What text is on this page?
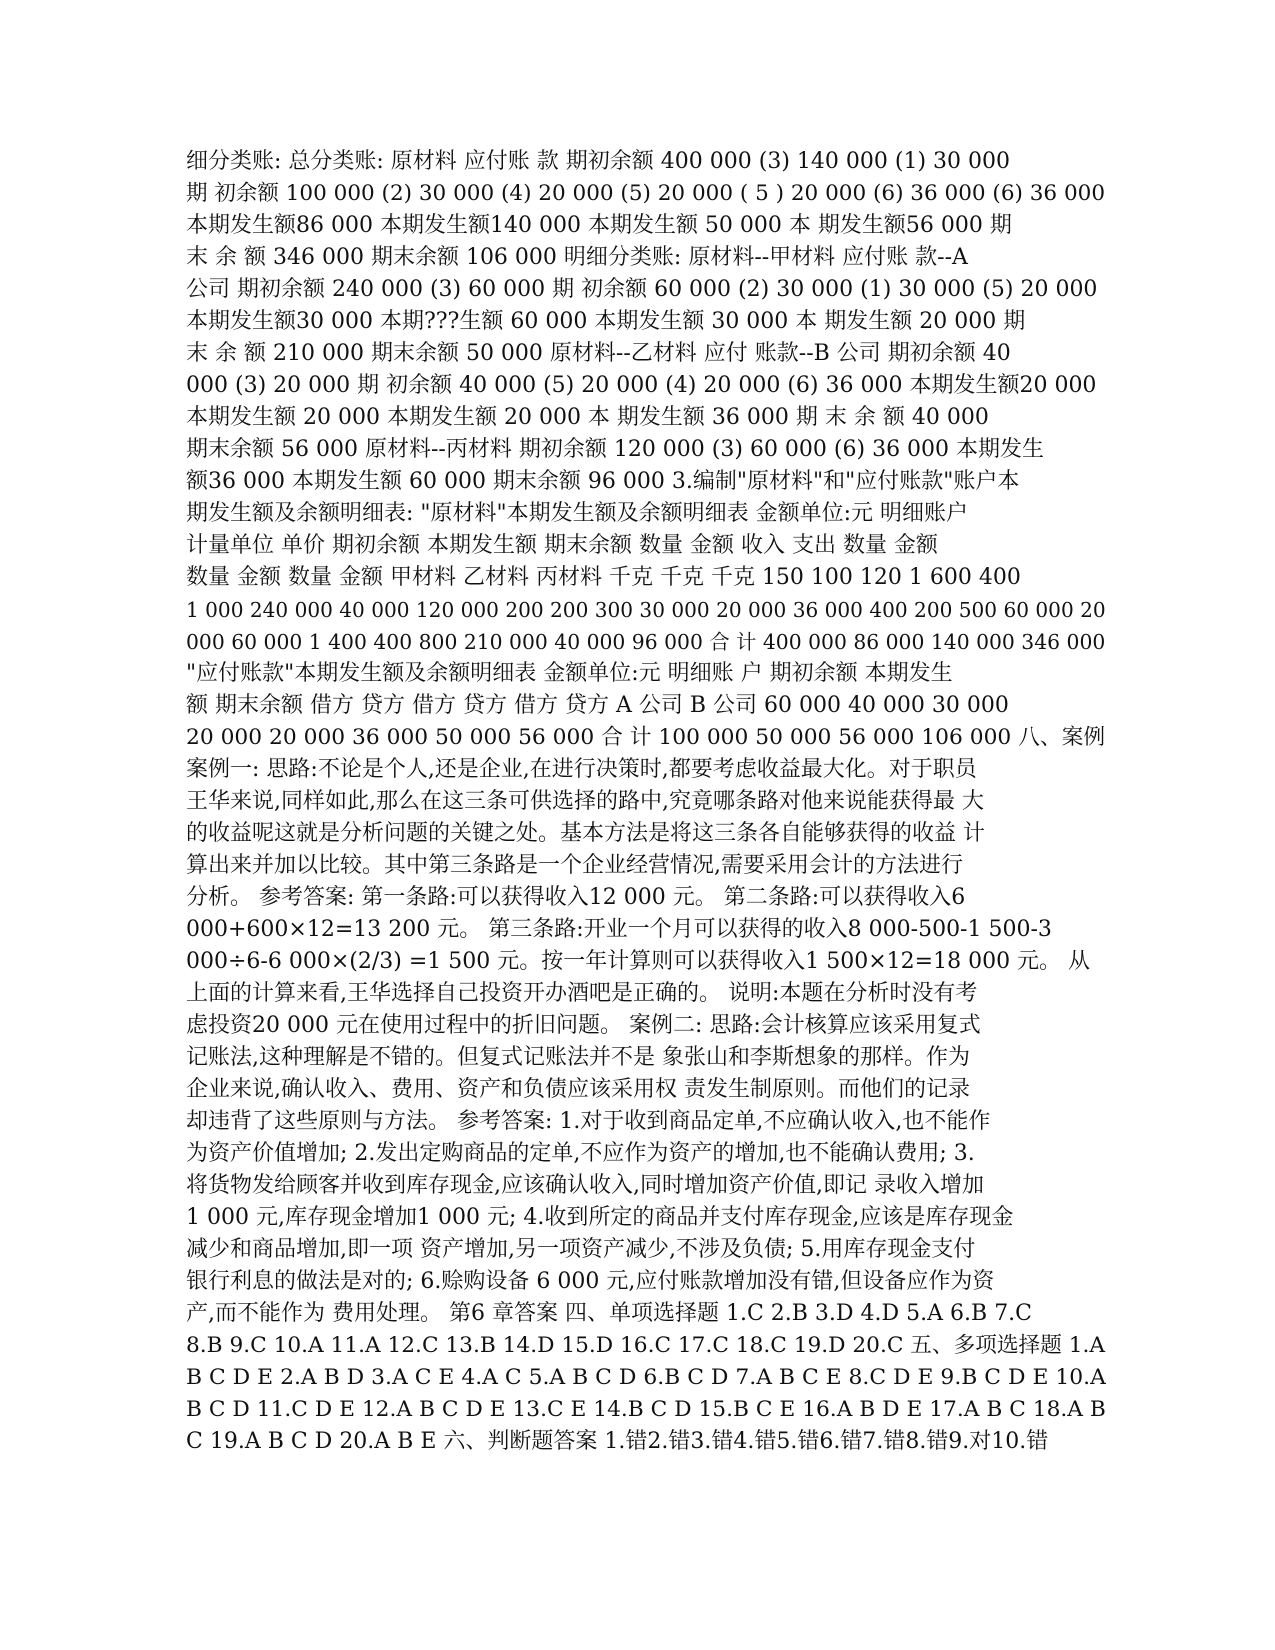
细分类账: 总分类账: 原材料 应付账 款 期初余额 400 000 (3) 140 000 (1) 30 000
期 初余额 100 000 (2) 30 000 (4) 20 000 (5) 20 000 ( 5 ) 20 000 (6) 36 000 (6) 36 000
本期发生额86 000 本期发生额140 000 本期发生额 50 000 本 期发生额56 000 期
末 余 额 346 000 期末余额 106 000 明细分类账: 原材料--甲材料 应付账 款--A
公司 期初余额 240 000 (3) 60 000 期 初余额 60 000 (2) 30 000 (1) 30 000 (5) 20 000
本期发生额30 000 本期???生额 60 000 本期发生额 30 000 本 期发生额 20 000 期
末 余 额 210 000 期末余额 50 000 原材料--乙材料 应付 账款--B 公司 期初余额 40
000 (3) 20 000 期 初余额 40 000 (5) 20 000 (4) 20 000 (6) 36 000 本期发生额20 000
本期发生额 20 000 本期发生额 20 000 本 期发生额 36 000 期 末 余 额 40 000
期末余额 56 000 原材料--丙材料 期初余额 120 000 (3) 60 000 (6) 36 000 本期发生
额36 000 本期发生额 60 000 期末余额 96 000 3.编制"原材料"和"应付账款"账户本
期发生额及余额明细表: "原材料"本期发生额及余额明细表 金额单位:元 明细账户
计量单位 单价 期初余额 本期发生额 期末余额 数量 金额 收入 支出 数量 金额
数量 金额 数量 金额 甲材料 乙材料 丙材料 千克 千克 千克 150 100 120 1 600 400
1 000 240 000 40 000 120 000 200 200 300 30 000 20 000 36 000 400 200 500 60 000 20
000 60 000 1 400 400 800 210 000 40 000 96 000 合 计 400 000 86 000 140 000 346 000
"应付账款"本期发生额及余额明细表 金额单位:元 明细账 户 期初余额 本期发生
额 期末余额 借方 贷方 借方 贷方 借方 贷方 A 公司 B 公司 60 000 40 000 30 000
20 000 20 000 36 000 50 000 56 000 合 计 100 000 50 000 56 000 106 000 八、案例
案例一: 思路:不论是个人,还是企业,在进行决策时,都要考虑收益最大化。对于职员
王华来说,同样如此,那么在这三条可供选择的路中,究竟哪条路对他来说能获得最 大
的收益呢这就是分析问题的关键之处。基本方法是将这三条各自能够获得的收益 计
算出来并加以比较。其中第三条路是一个企业经营情况,需要采用会计的方法进行
分析。 参考答案: 第一条路:可以获得收入12 000 元。 第二条路:可以获得收入6
000+600×12=13 200 元。 第三条路:开业一个月可以获得的收入8 000-500-1 500-3
000÷6-6 000×(2/3) =1 500 元。按一年计算则可以获得收入1 500×12=18 000 元。 从
上面的计算来看,王华选择自己投资开办酒吧是正确的。 说明:本题在分析时没有考
虑投资20 000 元在使用过程中的折旧问题。 案例二: 思路:会计核算应该采用复式
记账法,这种理解是不错的。但复式记账法并不是 象张山和李斯想象的那样。作为
企业来说,确认收入、费用、资产和负债应该采用权 责发生制原则。而他们的记录
却违背了这些原则与方法。 参考答案: 1.对于收到商品定单,不应确认收入,也不能作
为资产价值增加; 2.发出定购商品的定单,不应作为资产的增加,也不能确认费用; 3.
将货物发给顾客并收到库存现金,应该确认收入,同时增加资产价值,即记 录收入增加
1 000 元,库存现金增加1 000 元; 4.收到所定的商品并支付库存现金,应该是库存现金
减少和商品增加,即一项 资产增加,另一项资产减少,不涉及负债; 5.用库存现金支付
银行利息的做法是对的; 6.赊购设备 6 000 元,应付账款增加没有错,但设备应作为资
产,而不能作为 费用处理。 第6 章答案 四、单项选择题 1.C 2.B 3.D 4.D 5.A 6.B 7.C
8.B 9.C 10.A 11.A 12.C 13.B 14.D 15.D 16.C 17.C 18.C 19.D 20.C 五、多项选择题 1.A
B C D E 2.A B D 3.A C E 4.A C 5.A B C D 6.B C D 7.A B C E 8.C D E 9.B C D E 10.A
B C D 11.C D E 12.A B C D E 13.C E 14.B C D 15.B C E 16.A B D E 17.A B C 18.A B
C 19.A B C D 20.A B E 六、判断题答案 1.错2.错3.错4.错5.错6.错7.错8.错9.对10.错
